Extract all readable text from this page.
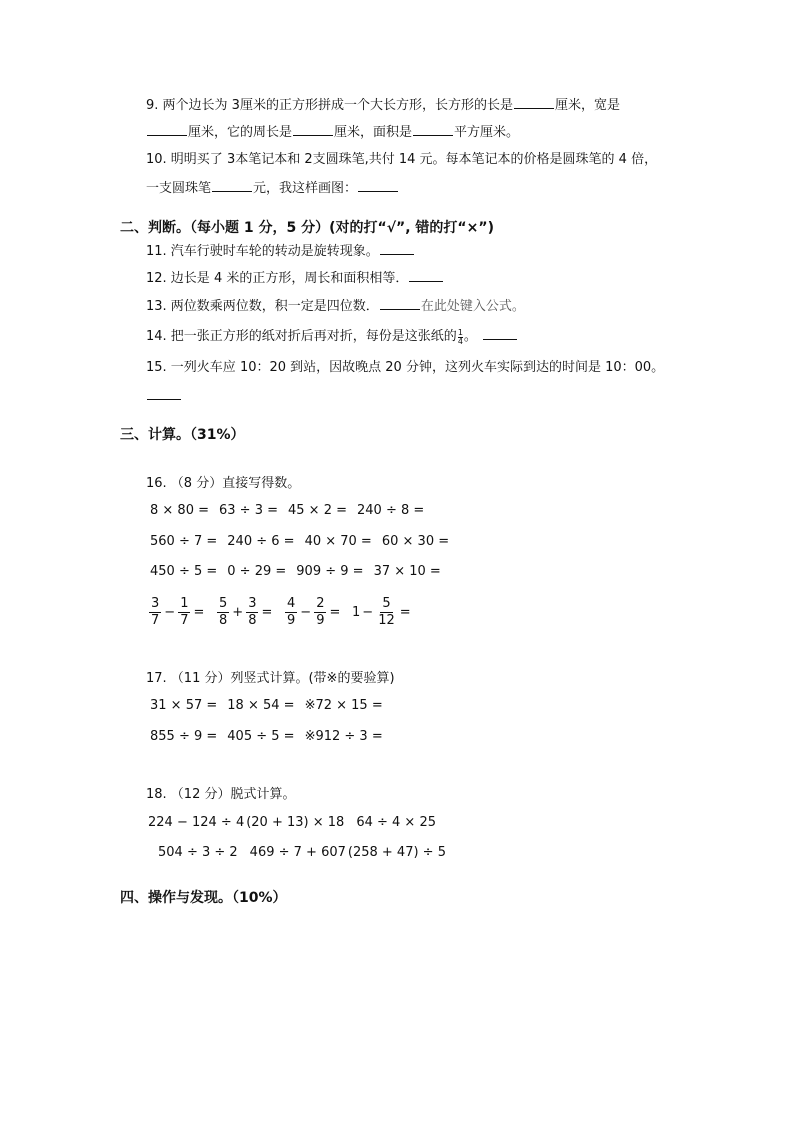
9. 两个边长为 3厘米的正方形拼成一个大长方形，长方形的长是	厘米，宽是
厘米，它的周长是	厘米，面积是	平方厘米。
10. 明明买了 3本笔记本和 2支圆珠笔,共付 14 元。每本笔记本的价格是圆珠笔的 4 倍，
一支圆珠笔	元，我这样画图：
二、判断。（每小题 1 分，5 分）(对的打“√”, 错的打“×”)
11. 汽车行驶时车轮的转动是旋转现象。
12. 边长是 4 米的正方形，周长和面积相等．
13. 两位数乘两位数，积一定是四位数．	在此处键入公式。
14. 把一张正方形的纸对折后再对折，每份是这张纸的$\frac{1}{4}$ 。
15. 一列火车应 10：20 到站，因故晚点 20 分钟，这列火车实际到达的时间是 10：00。
三、计算。（31%）
16. （8 分）直接写得数。
8 × 80 = 63 ÷ 3 = 45 × 2 = 240 ÷ 8 =
560 ÷ 7 = 240 ÷ 6 = 40 × 70 = 60 × 30 =
450 ÷ 5 = 0 ÷ 29 = 909 ÷ 9 = 37 × 10 =
$\frac{3}{7} - \frac{1}{7} = \frac{5}{8} + \frac{3}{8} = \frac{4}{9} - \frac{2}{9} = 1 - \frac{5}{12}$ =
17. （11 分）列竖式计算。(带※的要验算)
31 × 57 = 18 × 54 = ※72 × 15 =
855 ÷ 9 = 405 ÷ 5 = ※912 ÷ 3 =
18. （12 分）脱式计算。
224 − 124 ÷ 4 (20 + 13) × 18 64 ÷ 4 × 25
504 ÷ 3 ÷ 2 469 ÷ 7 + 607 (258 + 47) ÷ 5
四、操作与发现。（10%）
